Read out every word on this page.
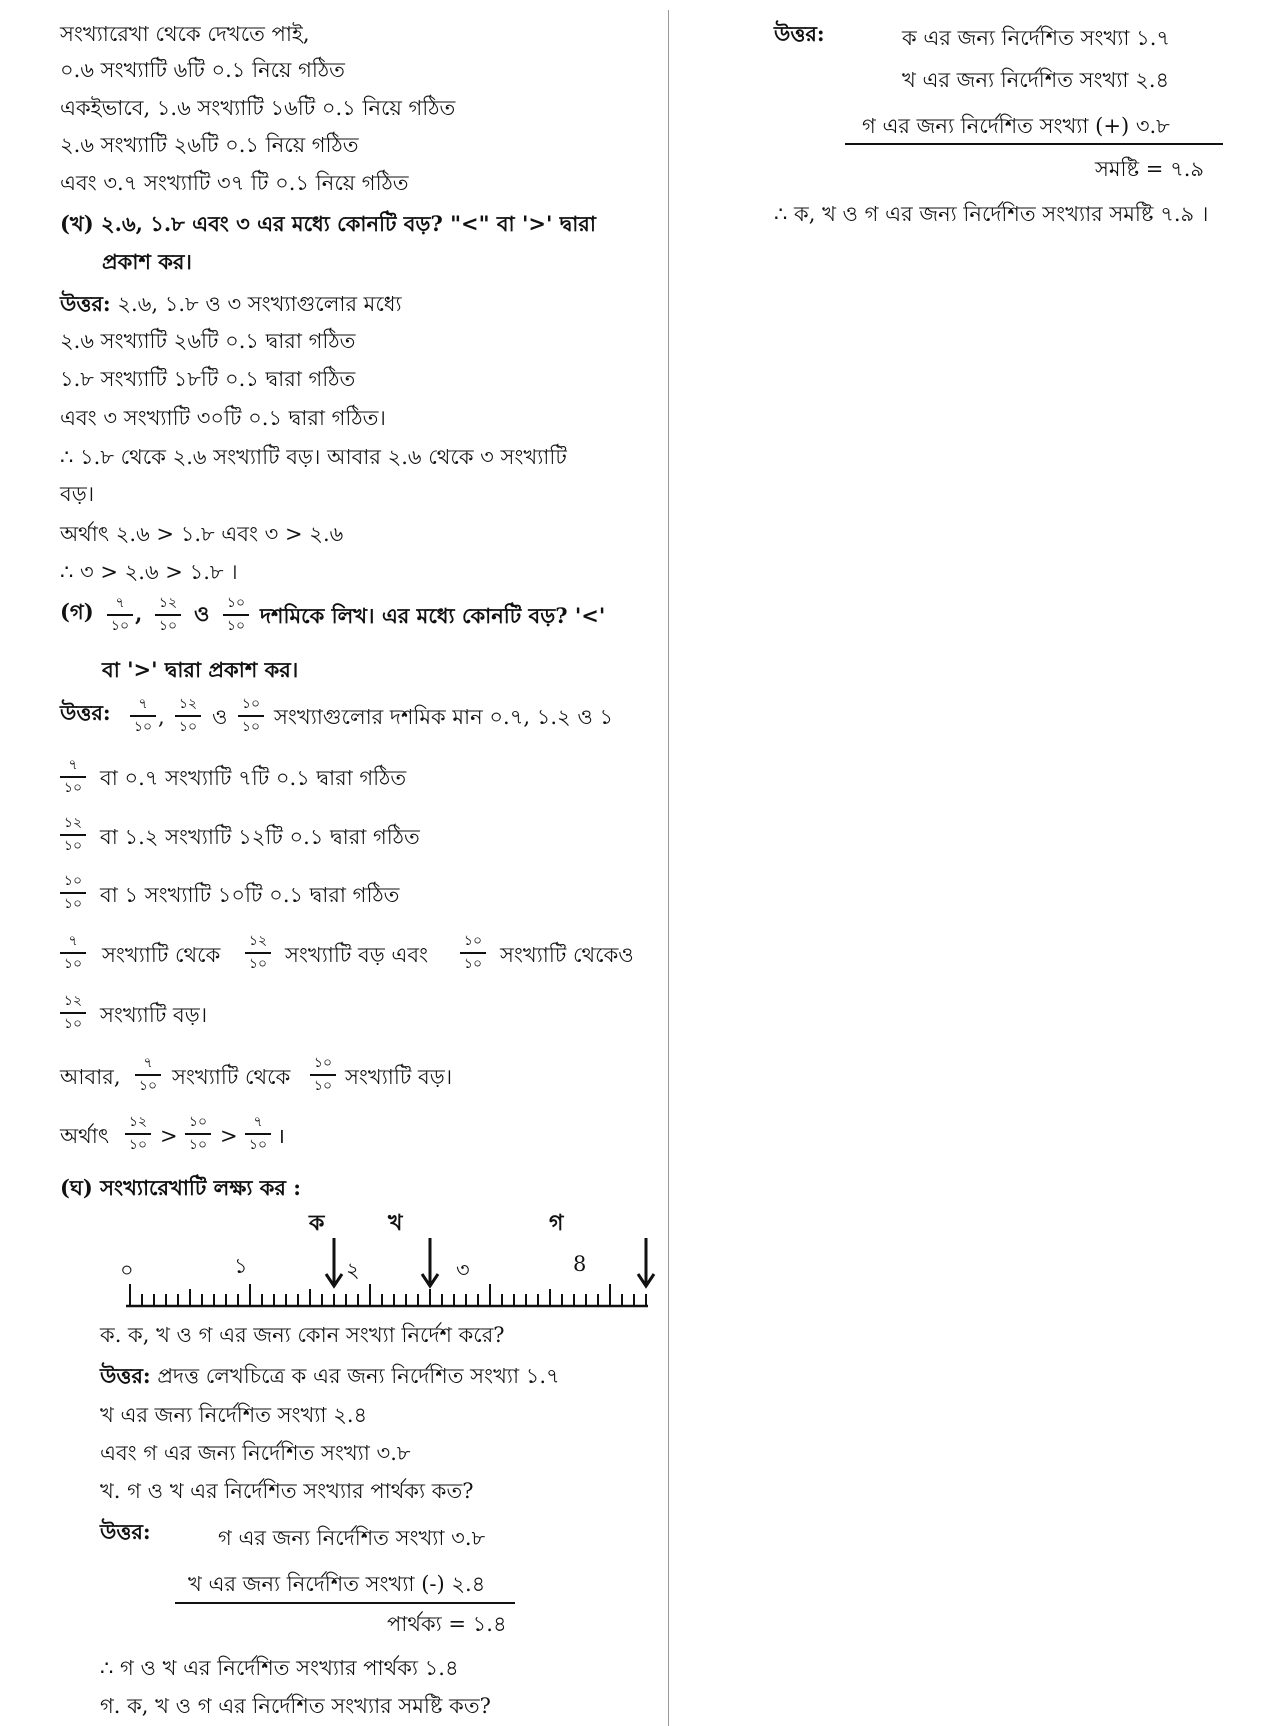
সংখ্যারেখা থেকে দেখতে পাই,
০.৬ সংখ্যাটি ৬টি ০.১ নিয়ে গঠিত
একইভাবে, ১.৬ সংখ্যাটি ১৬টি ০.১ নিয়ে গঠিত
২.৬ সংখ্যাটি ২৬টি ০.১ নিয়ে গঠিত
এবং ৩.৭ সংখ্যাটি ৩৭ টি ০.১ নিয়ে গঠিত
(খ) ২.৬, ১.৮ এবং ৩ এর মধ্যে কোনটি বড়? "<" বা '>' দ্বারা
প্রকাশ কর।
উত্তর: ২.৬, ১.৮ ও ৩ সংখ্যাগুলোর মধ্যে
২.৬ সংখ্যাটি ২৬টি ০.১ দ্বারা গঠিত
১.৮ সংখ্যাটি ১৮টি ০.১ দ্বারা গঠিত
এবং ৩ সংখ্যাটি ৩০টি ০.১ দ্বারা গঠিত।
∴ ১.৮ থেকে ২.৬ সংখ্যাটি বড়। আবার ২.৬ থেকে ৩ সংখ্যাটি
বড়।
অর্থাৎ ২.৬ > ১.৮ এবং ৩ > ২.৬
∴ ৩ > ২.৬ > ১.৮ ।
(গ)	৭
১০ , ১২
১০ ও ১০
১০ দশমিকে লিখ। এর মধ্যে কোনটি বড়? '<'
বা '>' দ্বারা প্রকাশ কর।
উত্তর:	৭
১০ ,
১২
১০ ও
১০
১০ সংখ্যাগুলোর দশমিক মান ০.৭, ১.২ ও ১
৭
১০ বা ০.৭ সংখ্যাটি ৭টি ০.১ দ্বারা গঠিত
১২
১০ বা ১.২ সংখ্যাটি ১২টি ০.১ দ্বারা গঠিত
১০
১০ বা ১ সংখ্যাটি ১০টি ০.১ দ্বারা গঠিত
৭
১০ সংখ্যাটি থেকে
১২
১০ সংখ্যাটি বড় এবং
১০
১০ সংখ্যাটি থেকেও
১২
১০ সংখ্যাটি বড়।
আবার,
৭
১০ সংখ্যাটি থেকে
১০
১০ সংখ্যাটি বড়।
অর্থাৎ
১২
১০ >
১০
১০ >
৭
১০ ।
(ঘ) সংখ্যারেখাটি লক্ষ্য কর :
ক	খ	গ
০	১	২	৩	8
ক. ক, খ ও গ এর জন্য কোন সংখ্যা নির্দেশ করে?
উত্তর: প্রদত্ত লেখচিত্রে ক এর জন্য নির্দেশিত সংখ্যা ১.৭
খ এর জন্য নির্দেশিত সংখ্যা ২.৪
এবং গ এর জন্য নির্দেশিত সংখ্যা ৩.৮
খ. গ ও খ এর নির্দেশিত সংখ্যার পার্থক্য কত?
উত্তর:	গ এর জন্য নির্দেশিত সংখ্যা ৩.৮
খ এর জন্য নির্দেশিত সংখ্যা (-) ২.৪
পার্থক্য = ১.৪
∴ গ ও খ এর নির্দেশিত সংখ্যার পার্থক্য ১.৪
গ. ক, খ ও গ এর নির্দেশিত সংখ্যার সমষ্টি কত?
উত্তর:	ক এর জন্য নির্দেশিত সংখ্যা ১.৭
খ এর জন্য নির্দেশিত সংখ্যা ২.৪
গ এর জন্য নির্দেশিত সংখ্যা (+) ৩.৮
সমষ্টি = ৭.৯
∴ ক, খ ও গ এর জন্য নির্দেশিত সংখ্যার সমষ্টি ৭.৯ ।
